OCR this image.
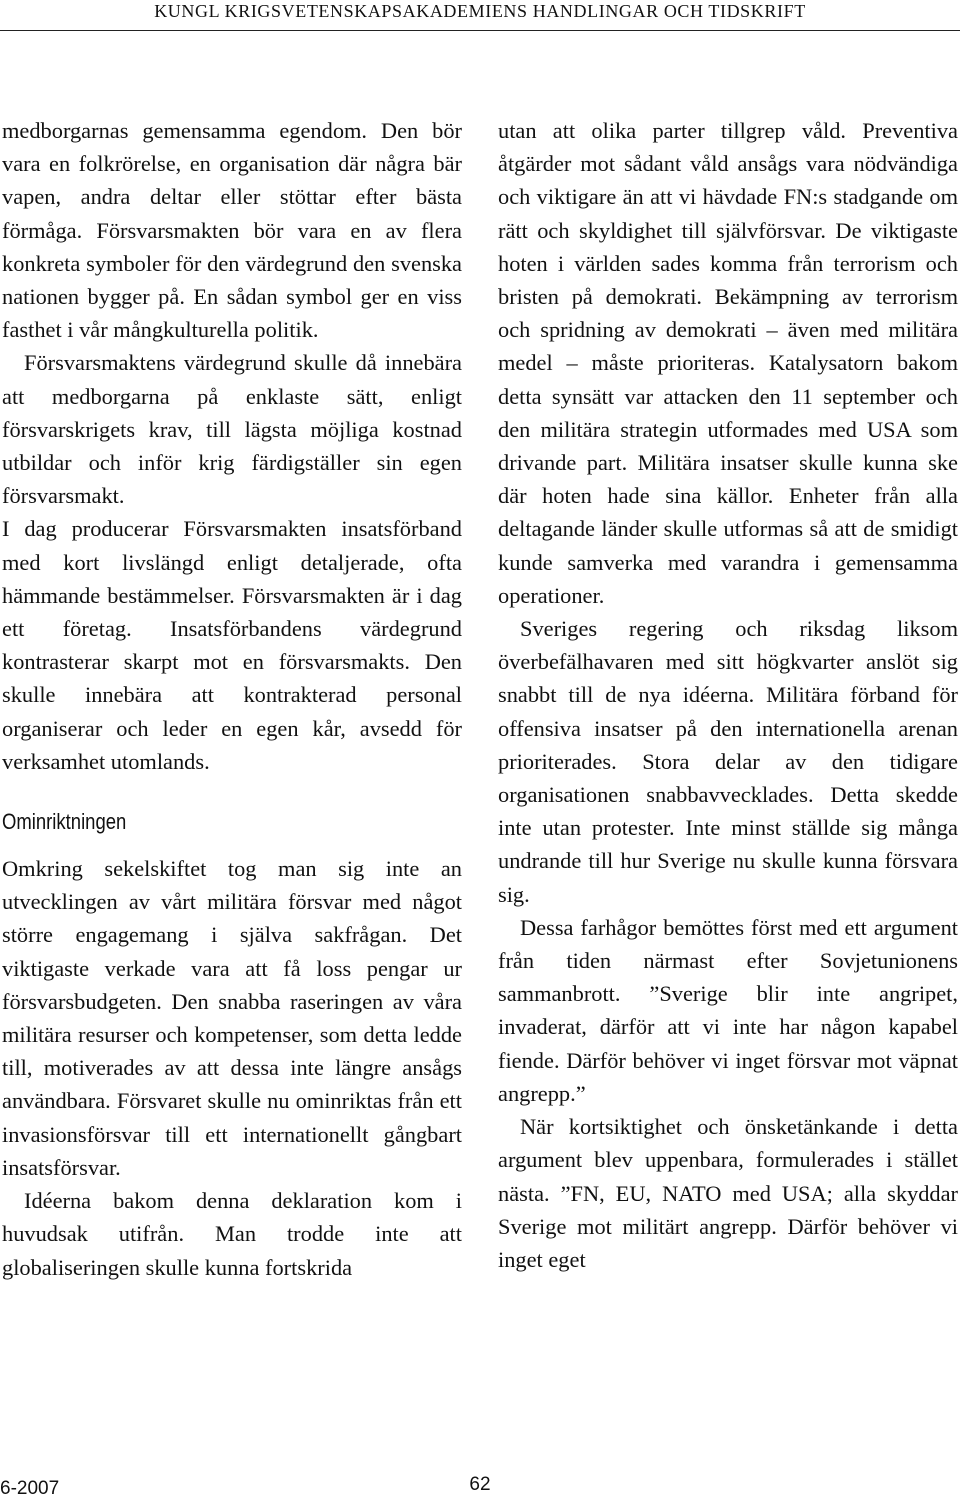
KUNGL KRIGSVETENSKAPSAKADEMIENS HANDLINGAR OCH TIDSKRIFT

medborgarnas gemensamma egendom. Den bör vara en folkrörelse, en organisation där några bär vapen, andra deltar eller stöttar efter bästa förmåga. Försvarsmakten bör vara en av flera konkreta symboler för den värdegrund den svenska nationen bygger på. En sådan symbol ger en viss fasthet i vår mångkulturella politik.

Försvarsmaktens värdegrund skulle då innebära att medborgarna på enklaste sätt, enligt försvarskrigets krav, till lägsta möjliga kostnad utbildar och inför krig färdigställer sin egen försvarsmakt.

I dag producerar Försvarsmakten insatsförband med kort livslängd enligt detaljerade, ofta hämmande bestämmelser. Försvarsmakten är i dag ett företag. Insatsförbandens värdegrund kontrasterar skarpt mot en försvarsmakts. Den skulle innebära att kontrakterad personal organiserar och leder en egen kår, avsedd för verksamhet utomlands.

Ominriktningen

Omkring sekelskiftet tog man sig inte an utvecklingen av vårt militära försvar med något större engagemang i själva sakfrågan. Det viktigaste verkade vara att få loss pengar ur försvarsbudgeten. Den snabba raseringen av våra militära resurser och kompetenser, som detta ledde till, motiverades av att dessa inte längre ansågs användbara. Försvaret skulle nu ominriktas från ett invasionsförsvar till ett internationellt gångbart insatsförsvar.

Idéerna bakom denna deklaration kom i huvudsak utifrån. Man trodde inte att globaliseringen skulle kunna fortskrida

utan att olika parter tillgrep våld. Preventiva åtgärder mot sådant våld ansågs vara nödvändiga och viktigare än att vi hävdade FN:s stadgande om rätt och skyldighet till självförsvar. De viktigaste hoten i världen sades komma från terrorism och bristen på demokrati. Bekämpning av terrorism och spridning av demokrati – även med militära medel – måste prioriteras. Katalysatorn bakom detta synsätt var attacken den 11 september och den militära strategin utformades med USA som drivande part. Militära insatser skulle kunna ske där hoten hade sina källor. Enheter från alla deltagande länder skulle utformas så att de smidigt kunde samverka med varandra i gemensamma operationer.

Sveriges regering och riksdag liksom överbefälhavaren med sitt högkvarter anslöt sig snabbt till de nya idéerna. Militära förband för offensiva insatser på den internationella arenan prioriterades. Stora delar av den tidigare organisationen snabbavvecklades. Detta skedde inte utan protester. Inte minst ställde sig många undrande till hur Sverige nu skulle kunna försvara sig.

Dessa farhågor bemöttes först med ett argument från tiden närmast efter Sovjetunionens sammanbrott. ”Sverige blir inte angripet, invaderat, därför att vi inte har någon kapabel fiende. Därför behöver vi inget försvar mot väpnat angrepp.”

När kortsiktighet och önsketänkande i detta argument blev uppenbara, formulerades i stället nästa. ”FN, EU, NATO med USA; alla skyddar Sverige mot militärt angrepp. Därför behöver vi inget eget

6-2007	62
